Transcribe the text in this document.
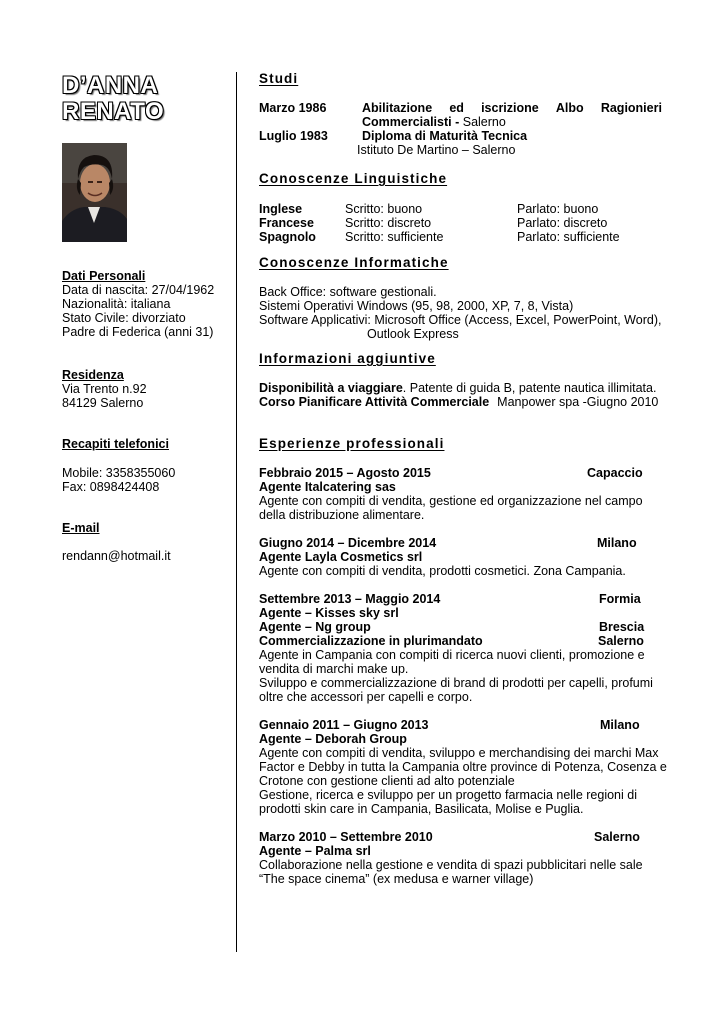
D’ANNA
RENATO
Dati Personali
Data di nascita: 27/04/1962
Nazionalità: italiana
Stato Civile: divorziato
Padre di Federica (anni 31)
Residenza
Via Trento n.92
84129 Salerno
Recapiti telefonici
Mobile: 3358355060
Fax: 0898424408
E-mail
rendann@hotmail.it
Studi
Marzo 1986	Abilitazione ed iscrizione Albo Ragionieri
Commercialisti - Salerno
Luglio 1983	Diploma di Maturità Tecnica
Istituto De Martino – Salerno
Conoscenze Linguistiche
Inglese	Scritto: buono	Parlato: buono
Francese Scritto: discreto	Parlato: discreto
Spagnolo Scritto: sufficiente	Parlato: sufficiente
Conoscenze Informatiche
Back Office: software gestionali.
Sistemi Operativi Windows (95, 98, 2000, XP, 7, 8, Vista)
Software Applicativi: Microsoft Office (Access, Excel, PowerPoint, Word),
Outlook Express
Informazioni aggiuntive
Disponibilità a viaggiare. Patente di guida B, patente nautica illimitata.
Corso Pianificare Attività Commerciale Manpower spa -Giugno 2010
Esperienze professionali
Febbraio 2015 – Agosto 2015	Capaccio
Agente Italcatering sas
Agente con compiti di vendita, gestione ed organizzazione nel campo
della distribuzione alimentare.
Giugno 2014 – Dicembre 2014	Milano
Agente Layla Cosmetics srl
Agente con compiti di vendita, prodotti cosmetici. Zona Campania.
Settembre 2013 – Maggio 2014	Formia
Agente – Kisses sky srl
Agente – Ng group	Brescia
Commercializzazione in plurimandato	Salerno
Agente in Campania con compiti di ricerca nuovi clienti, promozione e
vendita di marchi make up.
Sviluppo e commercializzazione di brand di prodotti per capelli, profumi
oltre che accessori per capelli e corpo.
Gennaio 2011 – Giugno 2013	Milano
Agente – Deborah Group
Agente con compiti di vendita, sviluppo e merchandising dei marchi Max
Factor e Debby in tutta la Campania oltre province di Potenza, Cosenza e
Crotone con gestione clienti ad alto potenziale
Gestione, ricerca e sviluppo per un progetto farmacia nelle regioni di
prodotti skin care in Campania, Basilicata, Molise e Puglia.
Marzo 2010 – Settembre 2010	Salerno
Agente – Palma srl
Collaborazione nella gestione e vendita di spazi pubblicitari nelle sale
“The space cinema” (ex medusa e warner village)
